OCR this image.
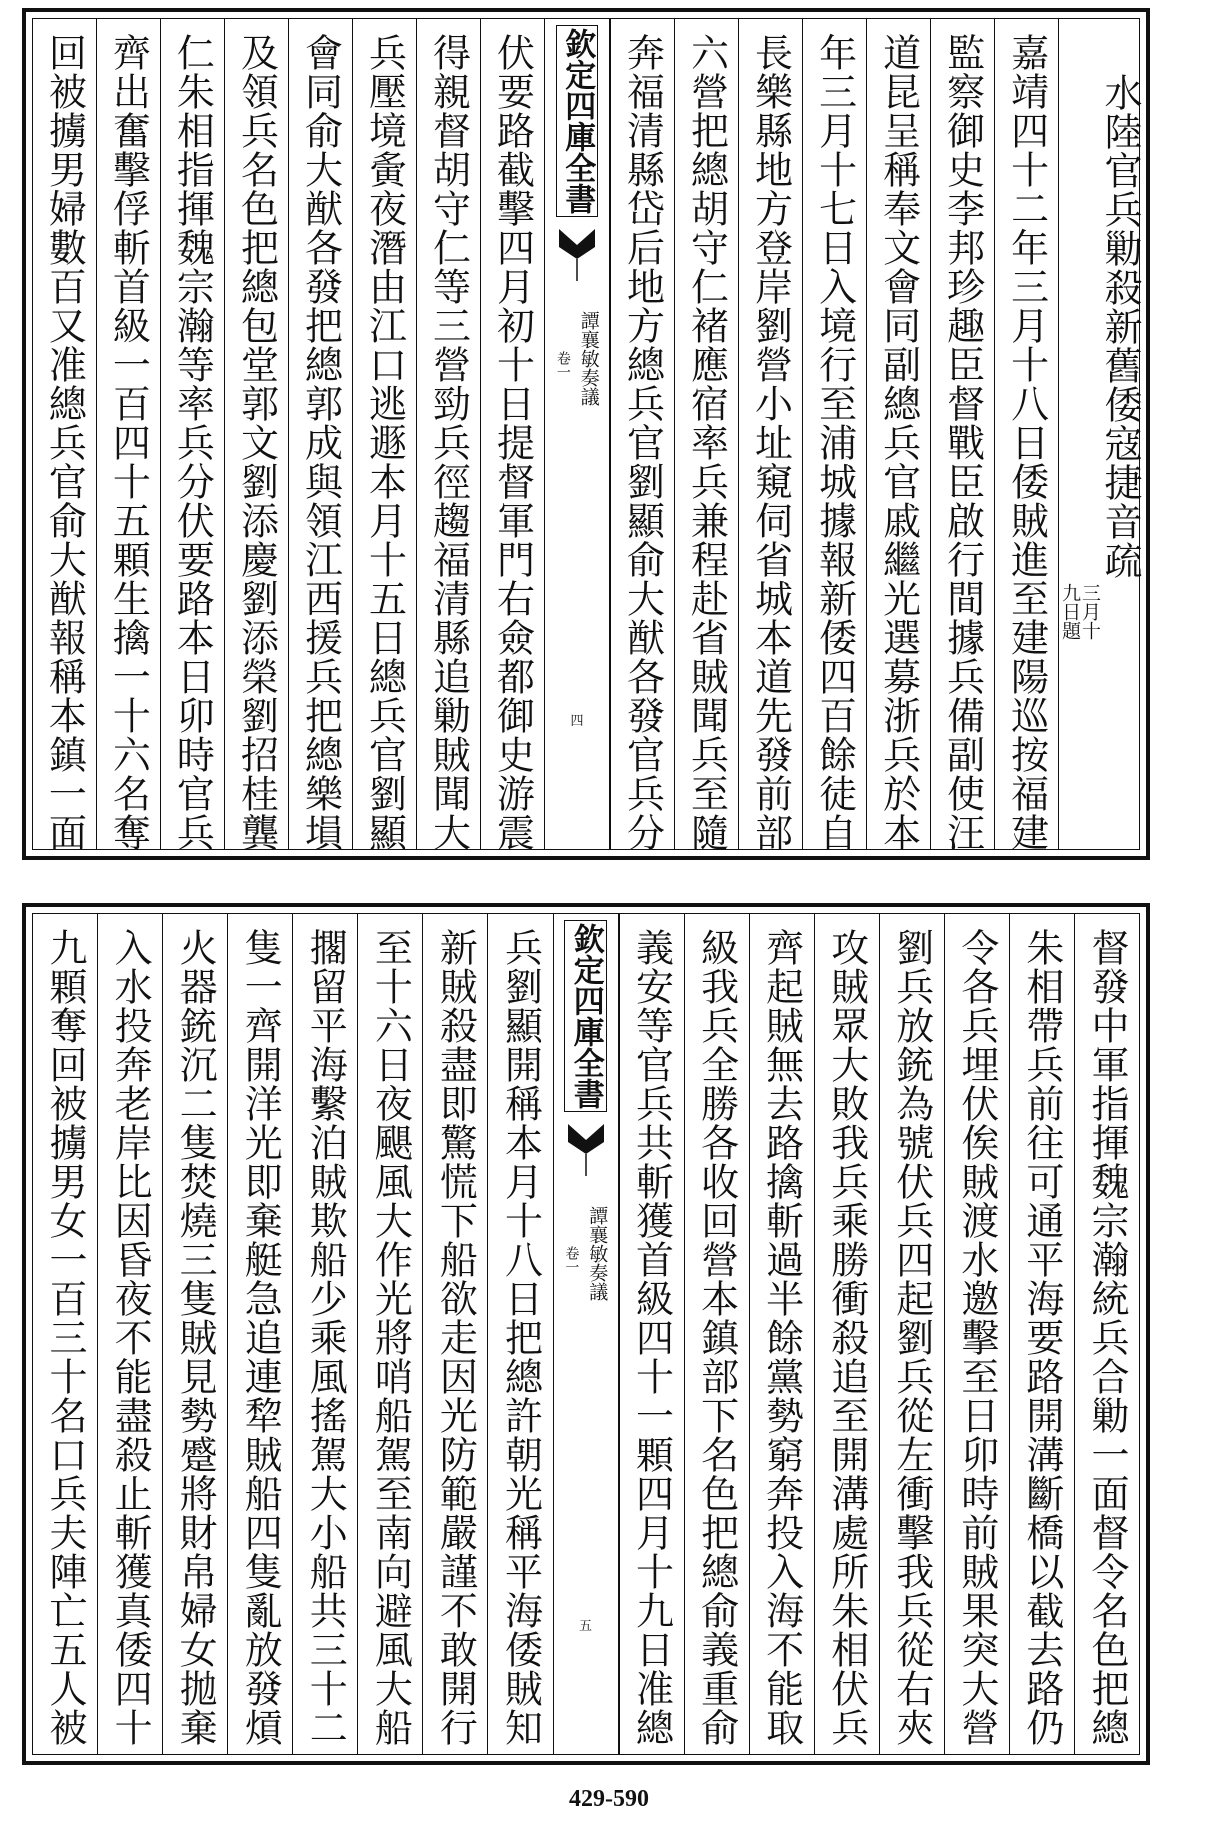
水陸官兵勦殺新舊倭寇捷音疏
三月十
九日題
嘉靖四十二年三月十八日倭賊進至建陽巡按福建
監察御史李邦珍趣臣督戰臣啟行間據兵備副使汪
道昆呈稱奉文會同副總兵官戚繼光選募浙兵於本
年三月十七日入境行至浦城據報新倭四百餘徒自
長樂縣地方登岸劉營小址窺伺省城本道先發前部
六營把總胡守仁褚應宿率兵兼程赴省賊聞兵至隨
奔福清縣岱后地方總兵官劉顯俞大猷各發官兵分
欽定四庫全書
譚襄敏奏議
卷一
四
伏要路截擊四月初十日提督軍門右僉都御史游震
得親督胡守仁等三營勁兵徑趨福清縣追勦賊聞大
兵壓境夤夜潛由江口逃遯本月十五日總兵官劉顯
會同俞大猷各發把總郭成與領江西援兵把總樂塤
及領兵名色把總包堂郭文劉添慶劉添榮劉招桂龔
仁朱相指揮魏宗瀚等率兵分伏要路本日卯時官兵
齊出奮擊俘斬首級一百四十五顆生擒一十六名奪
回被擄男婦數百又准總兵官俞大猷報稱本鎮一面
督發中軍指揮魏宗瀚統兵合勦一面督令名色把總
朱相帶兵前往可通平海要路開溝斷橋以截去路仍
令各兵埋伏俟賊渡水邀擊至日卯時前賊果突大營
劉兵放銃為號伏兵四起劉兵從左衝擊我兵從右夾
攻賊眾大敗我兵乘勝衝殺追至開溝處所朱相伏兵
齊起賊無去路擒斬過半餘黨勢窮奔投入海不能取
級我兵全勝各收回營本鎮部下名色把總俞義重俞
義安等官兵共斬獲首級四十一顆四月十九日准總
欽定四庫全書
譚襄敏奏議
卷一
五
兵劉顯開稱本月十八日把總許朝光稱平海倭賊知
新賊殺盡即驚慌下船欲走因光防範嚴謹不敢開行
至十六日夜颶風大作光將哨船駕至南向避風大船
擱留平海繫泊賊欺船少乘風搖駕大小船共三十二
隻一齊開洋光即棄艇急追連犂賊船四隻亂放發熕
火器銃沉二隻焚燒三隻賊見勢蹙將財帛婦女拋棄
入水投奔老岸比因昏夜不能盡殺止斬獲真倭四十
九顆奪回被擄男女一百三十名口兵夫陣亡五人被
429-590
